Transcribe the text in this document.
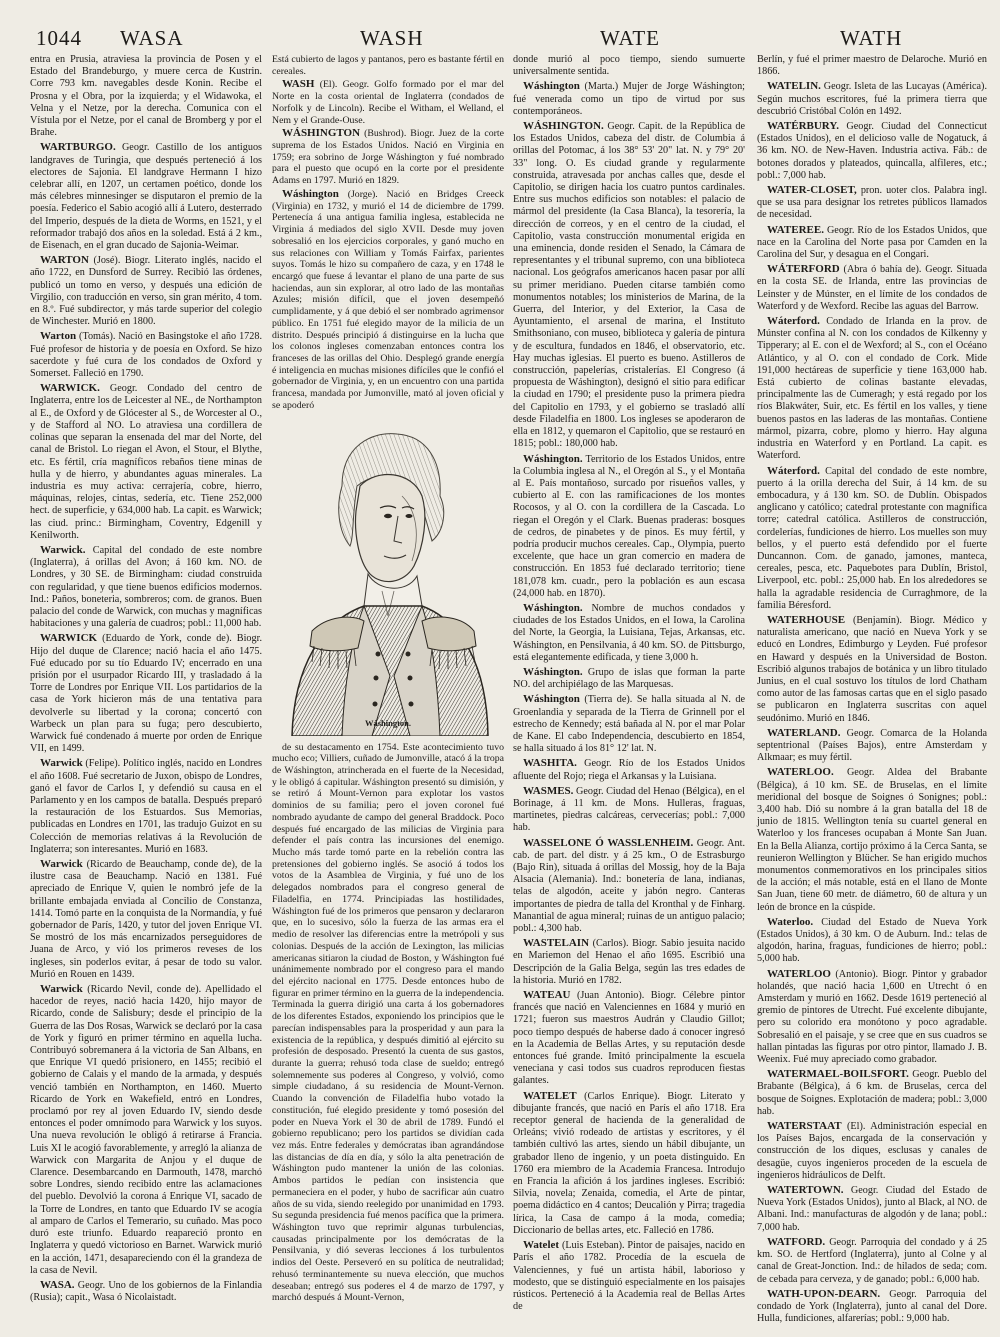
1044 WASA	WASH	WATE	WATH

entra en Prusia, atraviesa la provincia de Posen y el Estado del Brandeburgo, y muere cerca de Kustrin. Corre 793 km. navegables desde Konin. Recibe el Prosna y el Obra, por la izquierda; y el Widawoka, el Velna y el Netze, por la derecha. Comunica con el Vístula por el Netze, por el canal de Bromberg y por el Brahe.

WARTBURGO. Geogr. Castillo de los antiguos landgraves de Turingia, que después perteneció á los electores de Sajonia. El landgrave Hermann I hizo celebrar allí, en 1207, un certamen poético, donde los más célebres minnesinger se disputaron el premio de la poesía. Federico el Sabio acogió allí á Lutero, desterrado del Imperio, después de la dieta de Worms, en 1521, y el reformador trabajó dos años en la soledad. Está á 2 km., de Eisenach, en el gran ducado de Sajonia-Weimar.

WARTON (José). Biogr. Literato inglés, nacido el año 1722, en Dunsford de Surrey. Recibió las órdenes, publicó un tomo en verso, y después una edición de Virgilio, con traducción en verso, sin gran mérito, 4 tom. en 8.º. Fué subdirector, y más tarde superior del colegio de Winchester. Murió en 1800.

Warton (Tomás). Nació en Basingstoke el año 1728. Fué profesor de historia y de poesía en Oxford. Se hizo sacerdote y fué cura de los condados de Oxford y Somerset. Falleció en 1790.

WARWICK. Geogr. Condado del centro de Inglaterra, entre los de Leicester al NE., de Northampton al E., de Oxford y de Glócester al S., de Worcester al O., y de Stafford al NO. Lo atraviesa una cordillera de colinas que separan la ensenada del mar del Norte, del canal de Bristol. Lo riegan el Avon, el Stour, el Blythe, etc. Es fértil, cría magníficos rebaños tiene minas de hulla y de hierro, y abundantes aguas minerales. La industria es muy activa: cerrajería, cobre, hierro, máquinas, relojes, cintas, sedería, etc. Tiene 252,000 hect. de superficie, y 634,000 hab. La capit. es Warwick; las ciud. princ.: Birmingham, Coventry, Edgenill y Kenilworth.

Warwick. Capital del condado de este nombre (Inglaterra), á orillas del Avon; á 160 km. NO. de Londres, y 30 SE. de Birmingham: ciudad construida con regularidad, y que tiene buenos edificios modernos. Ind.: Paños, boneteria, sombreros; com. de granos. Buen palacio del conde de Warwick, con muchas y magníficas habitaciones y una galería de cuadros; pobl.: 11,000 hab.

WARWICK (Eduardo de York, conde de). Biogr. Hijo del duque de Clarence; nació hacia el año 1475. Fué educado por su tío Eduardo IV; encerrado en una prisión por el usurpador Ricardo III, y trasladado á la Torre de Londres por Enrique VII. Los partidarios de la casa de York hicieron más de una tentativa para devolverle su libertad y la corona; concertó con Warbeck un plan para su fuga; pero descubierto, Warwick fué condenado á muerte por orden de Enrique VII, en 1499.

Warwick (Felipe). Político inglés, nacido en Londres el año 1608. Fué secretario de Juxon, obispo de Londres, ganó el favor de Carlos I, y defendió su causa en el Parlamento y en los campos de batalla. Después preparó la restauración de los Estuardos. Sus Memorias, publicadas en Londres en 1701, las tradujo Guizot en su Colección de memorias relativas á la Revolución de Inglaterra; son interesantes. Murió en 1683.

Warwick (Ricardo de Beauchamp, conde de), de la ilustre casa de Beauchamp. Nació en 1381. Fué apreciado de Enrique V, quien le nombró jefe de la brillante embajada enviada al Concilio de Constanza, 1414. Tomó parte en la conquista de la Normandía, y fué gobernador de París, 1420, y tutor del joven Enrique VI. Se mostró de los más encarnizados perseguidores de Juana de Arco, y vió los primeros reveses de los ingleses, sin poderlos evitar, á pesar de todo su valor. Murió en Rouen en 1439.

Warwick (Ricardo Nevil, conde de). Apellidado el hacedor de reyes, nació hacia 1420, hijo mayor de Ricardo, conde de Salisbury; desde el principio de la Guerra de las Dos Rosas, Warwick se declaró por la casa de York y figuró en primer término en aquella lucha. Contribuyó sobremanera á la victoria de San Albans, en que Enrique VI quedó prisionero, en 1455; recibió el gobierno de Calais y el mando de la armada, y después venció también en Northampton, en 1460. Muerto Ricardo de York en Wakefield, entró en Londres, proclamó por rey al joven Eduardo IV, siendo desde entonces el poder omnímodo para Warwick y los suyos. Una nueva revolución le obligó á retirarse á Francia. Luis XI le acogió favorablemente, y arregló la alianza de Warwick con Margarita de Anjou y el duque de Clarence. Desembarcando en Darmouth, 1478, marchó sobre Londres, siendo recibido entre las aclamaciones del pueblo. Devolvió la corona á Enrique VI, sacado de la Torre de Londres, en tanto que Eduardo IV se acogía al amparo de Carlos el Temerario, su cuñado. Mas poco duró este triunfo. Eduardo reapareció pronto en Inglaterra y quedó victorioso en Barnet. Warwick murió en la acción, 1471, desapareciendo con él la grandeza de la casa de Nevil.

WASA. Geogr. Uno de los gobiernos de la Finlandia (Rusia); capit., Wasa ó Nicolaistadt.

Está cubierto de lagos y pantanos, pero es bastante fértil en cereales.

WASH (El). Geogr. Golfo formado por el mar del Norte en la costa oriental de Inglaterra (condados de Norfolk y de Lincoln). Recibe el Witham, el Welland, el Nem y el Grande-Ouse.

WÁSHINGTON (Bushrod). Biogr. Juez de la corte suprema de los Estados Unidos. Nació en Virginia en 1759; era sobrino de Jorge Wáshington y fué nombrado para el puesto que ocupó en la corte por el presidente Adams en 1797. Murió en 1829.

Wáshington (Jorge). Nació en Bridges Creeck (Virginia) en 1732, y murió el 14 de diciembre de 1799. Pertenecía á una antigua familia inglesa, establecida ne Virginia á mediados del siglo XVII. Desde muy joven sobresalió en los ejercicios corporales, y ganó mucho en sus relaciones con William y Tomás Fairfax, parientes suyos. Tomás le hizo su compañero de caza, y en 1748 le encargó que fuese á levantar el plano de una parte de sus haciendas, aun sin explorar, al otro lado de las montañas Azules; misión difícil, que el joven desempeñó cumplidamente, y á que debió el ser nombrado agrimensor público. En 1751 fué elegido mayor de la milicia de un distrito. Después principió á distinguirse en la lucha que los colonos ingleses comenzaban entonces contra los franceses de las orillas del Ohio. Desplegó grande energía é inteligencia en muchas misiones difíciles que le confió el gobernador de Virginia, y, en un encuentro con una partida francesa, mandada por Jumonville, mató al joven oficial y se apoderó

Wáshington.

de su destacamento en 1754. Este acontecimiento tuvo mucho eco; Villiers, cuñado de Jumonville, atacó á la tropa de Wáshington, atrincherada en el fuerte de la Necesidad, y le obligó á capitular. Wáshington presentó su dimisión, y se retiró á Mount-Vernon para explotar los vastos dominios de su familia; pero el joven coronel fué nombrado ayudante de campo del general Braddock. Poco después fué encargado de las milicias de Virginia para defender el país contra las incursiones del enemigo. Mucho más tarde tomó parte en la rebelión contra las pretensiones del gobierno inglés. Se asoció á todos los votos de la Asamblea de Virginia, y fué uno de los delegados nombrados para el congreso general de Filadelfia, en 1774. Principiadas las hostilidades, Wáshington fué de los primeros que pensaron y declararon que, en lo sucesivo, sólo la fuerza de las armas era el medio de resolver las diferencias entre la metrópoli y sus colonias. Después de la acción de Lexington, las milicias americanas sitiaron la ciudad de Boston, y Wáshington fué unánimemente nombrado por el congreso para el mando del ejército nacional en 1775. Desde entonces hubo de figurar en primer término en la guerra de la independencia. Terminada la guerra dirigió una carta á los gobernadores de los diferentes Estados, exponiendo los principios que le parecían indispensables para la prosperidad y aun para la existencia de la república, y después dimitió al ejército su profesión de desposado. Presentó la cuenta de sus gastos, durante la guerra; rehusó toda clase de sueldo; entregó solemnemente sus poderes al Congreso, y volvió, como simple ciudadano, á su residencia de Mount-Vernon. Cuando la convención de Filadelfia hubo votado la constitución, fué elegido presidente y tomó posesión del poder en Nueva York el 30 de abril de 1789. Fundó el gobierno republicano; pero los partidos se dividían cada vez más. Entre federales y demócratas iban agrandándose las distancias de día en día, y sólo la alta penetración de Wáshington pudo mantener la unión de las colonias. Ambos partidos le pedían con insistencia que permaneciera en el poder, y hubo de sacrificar aún cuatro años de su vida, siendo reelegido por unanimidad en 1793. Su segunda presidencia fué menos pacífica que la primera. Wáshington tuvo que reprimir algunas turbulencias, causadas principalmente por los demócratas de la Pensilvania, y dió severas lecciones á los turbulentos indios del Oeste. Perseveró en su política de neutralidad; rehusó terminantemente su nueva elección, que muchos deseaban; entregó sus poderes el 4 de marzo de 1797, y marchó después á Mount-Vernon,

donde murió al poco tiempo, siendo sumuerte universalmente sentida.

Wáshington (Marta.) Mujer de Jorge Wáshington; fué venerada como un tipo de virtud por sus contemporáneos.

WÁSHINGTON. Geogr. Capit. de la República de los Estados Unidos, cabeza del distr. de Columbia á orillas del Potomac, á los 38° 53' 20" lat. N. y 79° 20' 33" long. O. Es ciudad grande y regularmente construida, atravesada por anchas calles que, desde el Capitolio, se dirigen hacia los cuatro puntos cardinales. Entre sus muchos edificios son notables: el palacio de mármol del presidente (la Casa Blanca), la tesorería, la dirección de correos, y en el centro de la ciudad, el Capitolio, vasta construcción monumental erigida en una eminencia, donde residen el Senado, la Cámara de representantes y el tribunal supremo, con una biblioteca nacional. Los geógrafos americanos hacen pasar por allí su primer meridiano. Pueden citarse también como monumentos notables; los ministerios de Marina, de la Guerra, del Interior, y del Exterior, la Casa de Ayuntamiento, el arsenal de marina, el Instituto Smithsoniano, con museo, biblioteca y galería de pintura y de escultura, fundados en 1846, el observatorio, etc. Hay muchas iglesias. El puerto es bueno. Astilleros de construcción, papelerías, cristalerías. El Congreso (á propuesta de Wáshington), designó el sitio para edificar la ciudad en 1790; el presidente puso la primera piedra del Capitolio en 1793, y el gobierno se trasladó allí desde Filadelfia en 1800. Los ingleses se apoderaron de ella en 1812, y quemaron el Capitolio, que se restauró en 1815; pobl.: 180,000 hab.

Wáshington. Territorio de los Estados Unidos, entre la Columbia inglesa al N., el Oregón al S., y el Montaña al E. País montañoso, surcado por risueños valles, y cubierto al E. con las ramificaciones de los montes Rocosos, y al O. con la cordillera de la Cascada. Lo riegan el Oregón y el Clark. Buenas praderas: bosques de cedros, de pinabetes y de pinos. Es muy fértil, y podría producir muchos cereales. Cap., Olympia, puerto excelente, que hace un gran comercio en madera de construcción. En 1853 fué declarado territorio; tiene 181,078 km. cuadr., pero la población es aun escasa (24,000 hab. en 1870).

Wáshington. Nombre de muchos condados y ciudades de los Estados Unidos, en el Iowa, la Carolina del Norte, la Georgia, la Luisiana, Tejas, Arkansas, etc. Wáshington, en Pensilvania, á 40 km. SO. de Pittsburgo, está elegantemente edificada, y tiene 3,000 h.

Wáshington. Grupo de islas que forman la parte NO. del archipiélago de las Marquesas.

Wáshington (Tierra de). Se halla situada al N. de Groenlandia y separada de la Tierra de Grinnell por el estrecho de Kennedy; está bañada al N. por el mar Polar de Kane. El cabo Independencia, descubierto en 1854, se halla situado á los 81° 12' lat. N.

WASHITA. Geogr. Río de los Estados Unidos afluente del Rojo; riega el Arkansas y la Luisiana.

WASMES. Geogr. Ciudad del Henao (Bélgica), en el Borinage, á 11 km. de Mons. Hulleras, fraguas, martinetes, piedras calcáreas, cervecerías; pobl.: 7,000 hab.

WASSELONE Ó WASSLENHEIM. Geogr. Ant. cab. de part. del distr. y á 25 km., O de Estrasburgo (Bajo Rin), situada á orillas del Mossig, hoy de la Baja Alsacia (Alemania). Ind.: bonetería de lana, indianas, telas de algodón, aceite y jabón negro. Canteras importantes de piedra de talla del Kronthal y de Finharg. Manantial de agua mineral; ruinas de un antiguo palacio; pobl.: 4,300 hab.

WASTELAIN (Carlos). Biogr. Sabio jesuita nacido en Mariemon del Henao el año 1695. Escribió una Descripción de la Galia Belga, según las tres edades de la historia. Murió en 1782.

WATEAU (Juan Antonio). Biogr. Célebre pintor francés que nació en Valenciennes en 1684 y murió en 1721; fueron sus maestros Audrán y Claudio Gillot; poco tiempo después de haberse dado á conocer ingresó en la Academia de Bellas Artes, y su reputación desde entonces fué grande. Imitó principalmente la escuela veneciana y casi todos sus cuadros reproducen fiestas galantes.

WATELET (Carlos Enrique). Biogr. Literato y dibujante francés, que nació en París el año 1718. Era receptor general de hacienda de la generalidad de Orleáns; vivió rodeado de artistas y escritores, y él también cultivó las artes, siendo un hábil dibujante, un grabador lleno de ingenio, y un poeta distinguido. En 1760 era miembro de la Academia Francesa. Introdujo en Francia la afición á los jardines ingleses. Escribió: Silvia, novela; Zenaida, comedia, el Arte de pintar, poema didáctico en 4 cantos; Deucalión y Pirra; tragedia lírica, la Casa de campo á la moda, comedia; Diccionario de bellas artes, etc. Falleció en 1786.

Watelet (Luis Esteban). Pintor de paisajes, nacido en París el año 1782. Procedía de la escuela de Valenciennes, y fué un artista hábil, laborioso y modesto, que se distinguió especialmente en los paisajes rústicos. Perteneció á la Academia real de Bellas Artes de

Berlín, y fué el primer maestro de Delaroche. Murió en 1866.

WATELIN. Geogr. Isleta de las Lucayas (América). Según muchos escritores, fué la primera tierra que descubrió Cristóbal Colón en 1492.

WATÉRBURY. Geogr. Ciudad del Connecticut (Estados Unidos), en el delicioso valle de Nogatuck, á 36 km. NO. de New-Haven. Industria activa. Fáb.: de botones dorados y plateados, quincalla, alfileres, etc.; pobl.: 7,000 hab.

WATER-CLOSET, pron. uoter clos. Palabra ingl. que se usa para designar los retretes públicos llamados de necesidad.

WATEREE. Geogr. Río de los Estados Unidos, que nace en la Carolina del Norte pasa por Camden en la Carolina del Sur, y desagua en el Congari.

WÁTERFORD (Abra ó bahía de). Geogr. Situada en la costa SE. de Irlanda, entre las provincias de Leinster y de Múnster, en el límite de los condados de Waterford y de Wexford. Recibe las aguas del Barrow.

Wáterford. Condado de Irlanda en la prov. de Múnster confina al N. con los condados de Kilkenny y Tipperary; al E. con el de Wexford; al S., con el Océano Atlántico, y al O. con el condado de Cork. Mide 191,000 hectáreas de superficie y tiene 163,000 hab. Está cubierto de colinas bastante elevadas, principalmente las de Cumeragh; y está regado por los ríos Blakwáter, Suir, etc. Es fértil en los valles, y tiene buenos pastos en las laderas de las montañas. Contiene mármol, pizarra, cobre, plomo y hierro. Hay alguna industria en Waterford y en Portland. La capit. es Waterford.

Wáterford. Capital del condado de este nombre, puerto á la orilla derecha del Suir, á 14 km. de su embocadura, y á 130 km. SO. de Dublín. Obispados anglicano y católico; catedral protestante con magnífica torre; catedral católica. Astilleros de construcción, cordelerías, fundiciones de hierro. Los muelles son muy bellos, y el puerto está defendido por el fuerte Duncannon. Com. de ganado, jamones, manteca, cereales, pesca, etc. Paquebotes para Dublín, Bristol, Liverpool, etc. pobl.: 25,000 hab. En los alrededores se halla la agradable residencia de Curraghmore, de la familia Béresford.

WATERHOUSE (Benjamín). Biogr. Médico y naturalista americano, que nació en Nueva York y se educó en Londres, Edimburgo y Leyden. Fué profesor en Haward y después en la Universidad de Boston. Escribió algunos trabajos de botánica y un libro titulado Junius, en el cual sostuvo los títulos de lord Chatham como autor de las famosas cartas que en el siglo pasado se publicaron en Inglaterra suscritas con aquel seudónimo. Murió en 1846.

WATERLAND. Geogr. Comarca de la Holanda septentrional (Países Bajos), entre Amsterdam y Alkmaar; es muy fértil.

WATERLOO. Geogr. Aldea del Brabante (Bélgica), á 10 km. SE. de Bruselas, en el límite meridional del bosque de Soignes ó Sonignes; pobl.: 3,400 hab. Dió su nombre á la gran batalla del 18 de junio de 1815. Wellington tenía su cuartel general en Waterloo y los franceses ocupaban á Monte San Juan. En la Bella Alianza, cortijo próximo á la Cerca Santa, se reunieron Wellington y Blücher. Se han erigido muchos monumentos conmemorativos en los principales sitios de la acción; el más notable, está en el llano de Monte San Juan, tiene 60 metr. de diámetro, 60 de altura y un león de bronce en la cúspide.

Waterloo. Ciudad del Estado de Nueva York (Estados Unidos), á 30 km. O de Auburn. Ind.: telas de algodón, harina, fraguas, fundiciones de hierro; pobl.: 5,000 hab.

WATERLOO (Antonio). Biogr. Pintor y grabador holandés, que nació hacia 1,600 en Utrecht ó en Amsterdam y murió en 1662. Desde 1619 perteneció al gremio de pintores de Utrecht. Fué excelente dibujante, pero su colorido era monótono y poco agradable. Sobresalió en el paisaje, y se cree que en sus cuadros se hallan pintadas las figuras por otro pintor, llamado J. B. Weenix. Fué muy apreciado como grabador.

WATERMAEL-BOILSFORT. Geogr. Pueblo del Brabante (Bélgica), á 6 km. de Bruselas, cerca del bosque de Soignes. Explotación de madera; pobl.: 3,000 hab.

WATERSTAAT (El). Administración especial en los Países Bajos, encargada de la conservación y construcción de los diques, esclusas y canales de desagüe, cuyos ingenieros proceden de la escuela de ingenieros hidráulicos de Delft.

WATERTOWN. Geogr. Ciudad del Estado de Nueva York (Estados Unidos), junto al Black, al NO. de Albani. Ind.: manufacturas de algodón y de lana; pobl.: 7,000 hab.

WATFORD. Geogr. Parroquia del condado y á 25 km. SO. de Hertford (Inglaterra), junto al Colne y al canal de Great-Jonction. Ind.: de hilados de seda; com. de cebada para cerveza, y de ganado; pobl.: 6,000 hab.

WATH-UPON-DEARN. Geogr. Parroquia del condado de York (Inglaterra), junto al canal del Dore. Hulla, fundiciones, alfarerías; pobl.: 9,000 hab.
